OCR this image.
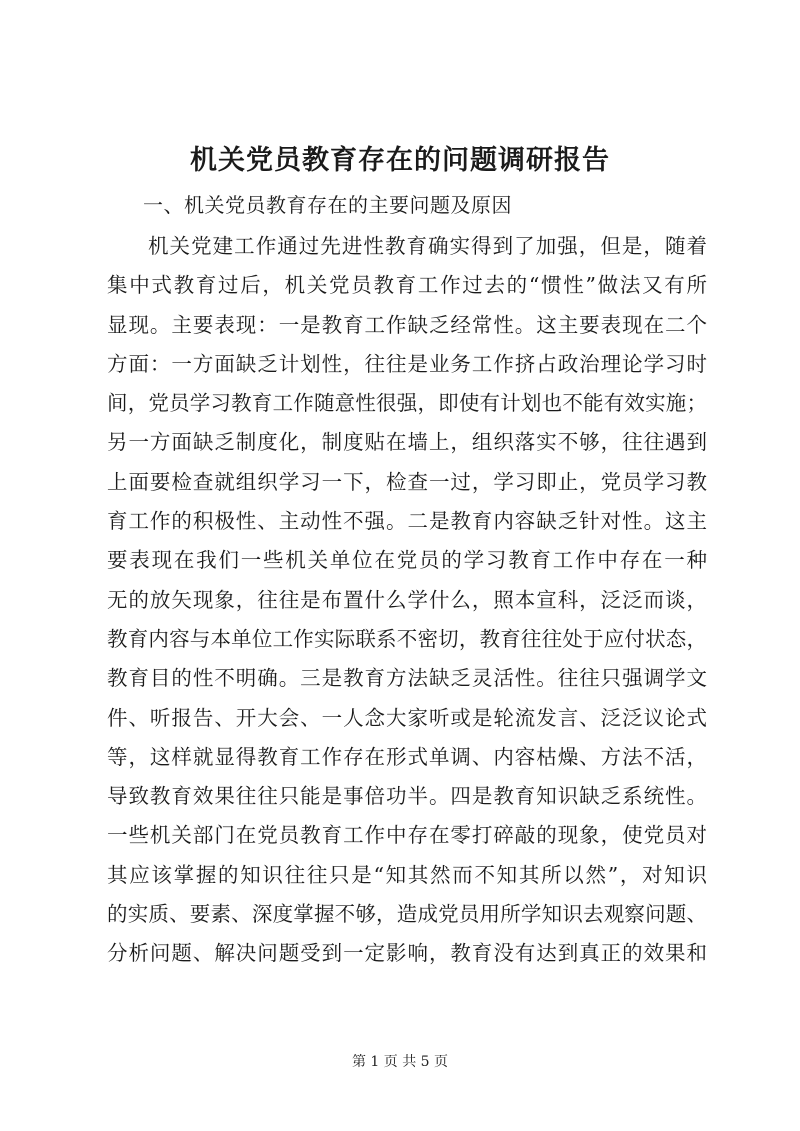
机关党员教育存在的问题调研报告

一、机关党员教育存在的主要问题及原因

机关党建工作通过先进性教育确实得到了加强，但是，随着
集中式教育过后，机关党员教育工作过去的“惯性”做法又有所
显现。主要表现：一是教育工作缺乏经常性。这主要表现在二个
方面：一方面缺乏计划性，往往是业务工作挤占政治理论学习时
间，党员学习教育工作随意性很强，即使有计划也不能有效实施；
另一方面缺乏制度化，制度贴在墙上，组织落实不够，往往遇到
上面要检查就组织学习一下，检查一过，学习即止，党员学习教
育工作的积极性、主动性不强。二是教育内容缺乏针对性。这主
要表现在我们一些机关单位在党员的学习教育工作中存在一种
无的放矢现象，往往是布置什么学什么，照本宣科，泛泛而谈，
教育内容与本单位工作实际联系不密切，教育往往处于应付状态，
教育目的性不明确。三是教育方法缺乏灵活性。往往只强调学文
件、听报告、开大会、一人念大家听或是轮流发言、泛泛议论式
等，这样就显得教育工作存在形式单调、内容枯燥、方法不活，
导致教育效果往往只能是事倍功半。四是教育知识缺乏系统性。
一些机关部门在党员教育工作中存在零打碎敲的现象，使党员对
其应该掌握的知识往往只是“知其然而不知其所以然”，对知识
的实质、要素、深度掌握不够，造成党员用所学知识去观察问题、
分析问题、解决问题受到一定影响，教育没有达到真正的效果和

第 1 页 共 5 页
